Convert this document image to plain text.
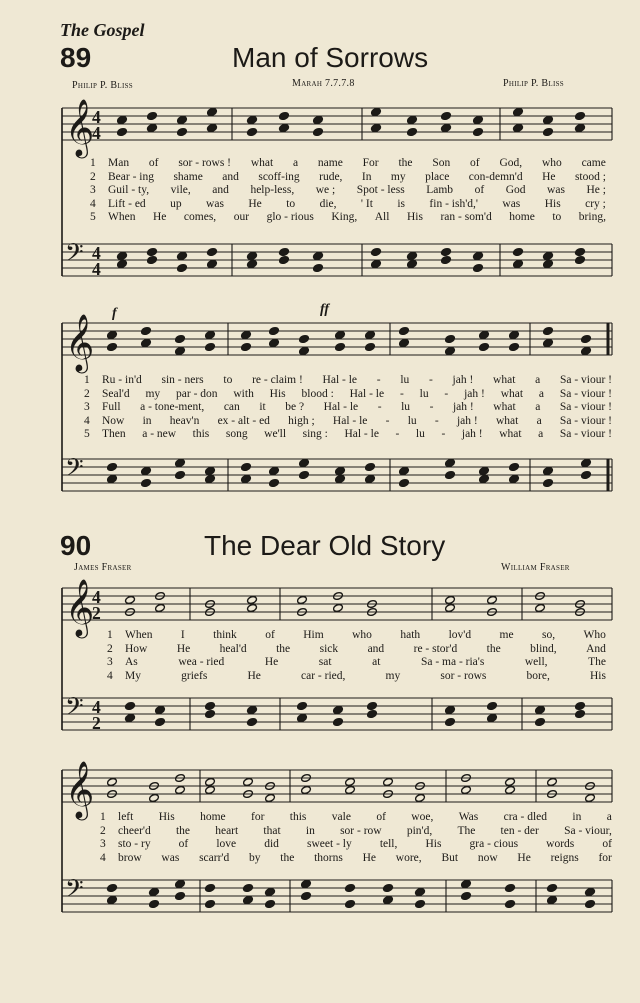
The Gospel
89	Man of Sorrows
Philip P. Bliss	Marah 7.7.7.8	Philip P. Bliss
1 Man of sor - rows ! what a name For the Son of God, who came
2 Bear - ing shame and scoff-ing rude, In my place con-demn'd He stood ;
3 Guil - ty, vile, and help-less, we ; Spot - less Lamb of God was He ;
4 Lift - ed up was He to die, ' It is fin - ish'd,' was His cry ;
5 When He comes, our glo - rious King, All His ran - som'd home to bring,
1 Ru - in'd sin - ners to re - claim ! Hal - le - lu - jah ! what a Sa - viour !
2 Seal'd my par - don with His blood : Hal - le - lu - jah ! what a Sa - viour !
3 Full a - tone-ment, can it be ? Hal - le - lu - jah ! what a Sa - viour !
4 Now in heav'n ex - alt - ed high ; Hal - le - lu - jah ! what a Sa - viour !
5 Then a - new this song we'll sing : Hal - le - lu - jah ! what a Sa - viour !
f	ff
90	The Dear Old Story
James Fraser	William Fraser
1 When I think of Him who hath lov'd me so, Who
2 How	He	heal'd	the	sick	and	re - stor'd	the	blind,	And
3 As	wea - ried	He	sat	at	Sa - ma - ria's	well,	The
4 My	griefs	He	car - ried,	my	sor - rows	bore,	His
1 left His home for this vale of woe, Was cra - dled in a
2 cheer'd the heart that in sor - row pin'd, The ten - der Sa - viour,
3 sto - ry of love did sweet - ly tell, His gra - cious words of
4 brow was scarr'd by the thorns He wore, But now He reigns for
𝄞
𝄢
4
4
4
4
𝄞
𝄢
𝄞
𝄢
4
2
4
2
𝄞
𝄢
